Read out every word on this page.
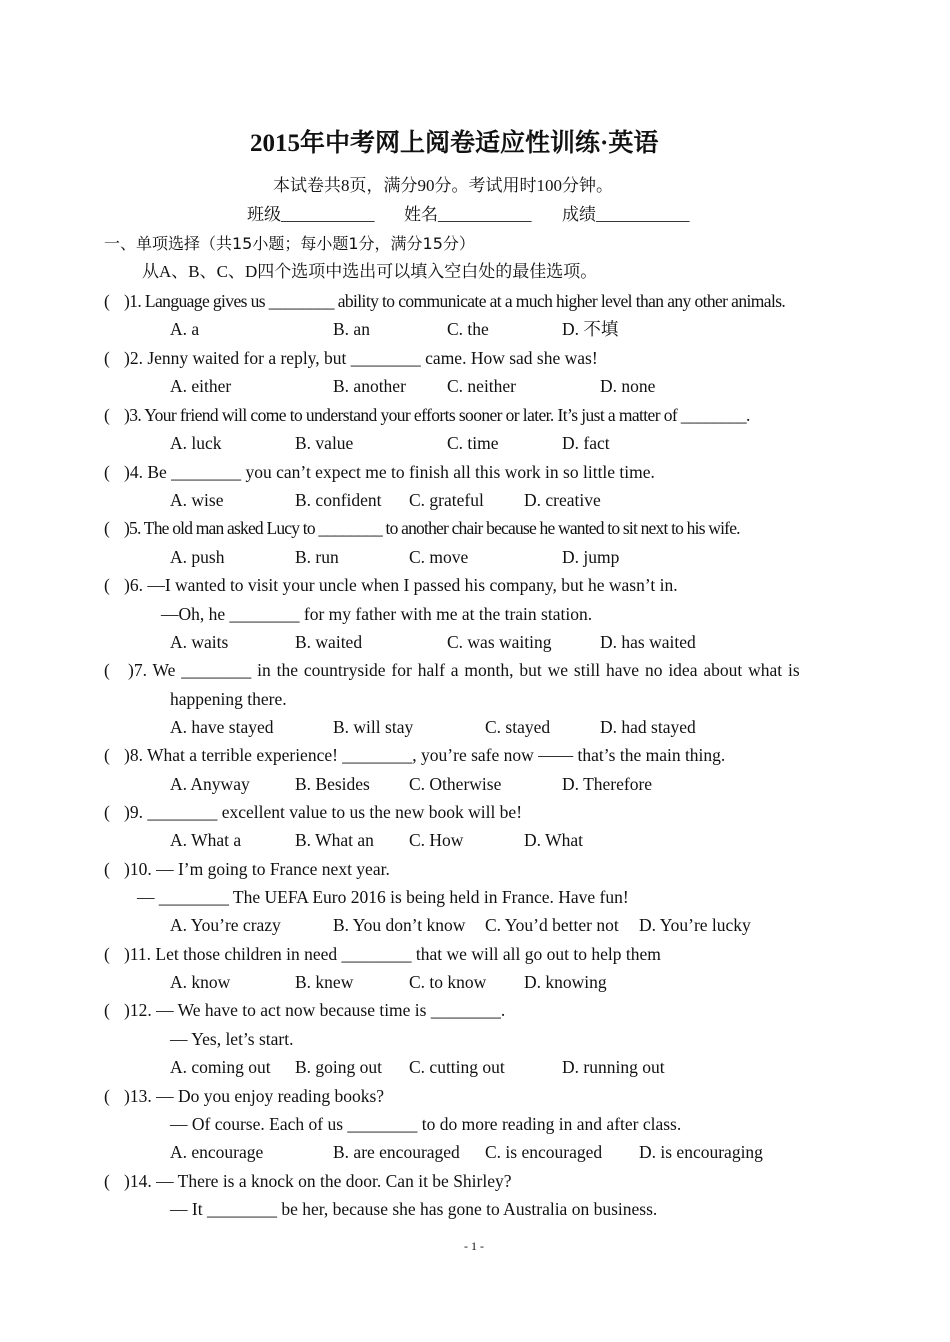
2015年中考网上阅卷适应性训练·英语
本试卷共8页，满分90分。考试用时100分钟。
班级___________ 姓名___________ 成绩___________
一、单项选择（共15小题；每小题1分，满分15分）
从A、B、C、D四个选项中选出可以填入空白处的最佳选项。
( )1. Language gives us ________ ability to communicate at a much higher level than any other animals.
A. a	B. an	C. the	D. 不填
( )2. Jenny waited for a reply, but ________ came. How sad she was!
A. either	B. another C. neither	D. none
( )3. Your friend will come to understand your efforts sooner or later. It’s just a matter of ________.
A. luck	B. value	C. time	D. fact
( )4. Be ________ you can’t expect me to finish all this work in so little time.
A. wise	B. confident C. grateful D. creative
( )5. The old man asked Lucy to ________ to another chair because he wanted to sit next to his wife.
A. push	B. run	C. move	D. jump
( )6. —I wanted to visit your uncle when I passed his company, but he wasn’t in.
—Oh, he ________ for my father with me at the train station.
A. waits	B. waited	C. was waiting	D. has waited
( )7. We ________ in the countryside for half a month, but we still have no idea about what is
happening there.
A. have stayed	B. will stay	C. stayed	D. had stayed
( )8. What a terrible experience! ________, you’re safe now —— that’s the main thing.
A. Anyway	B. Besides C. Otherwise	D. Therefore
( )9. ________ excellent value to us the new book will be!
A. What a	B. What an C. How	D. What
( )10. — I’m going to France next year.
— ________ The UEFA Euro 2016 is being held in France. Have fun!
A. You’re crazy	B. You don’t know C. You’d better not D. You’re lucky
( )11. Let those children in need ________ that we will all go out to help them
A. know	B. knew	C. to know D. knowing
( )12. — We have to act now because time is ________.
— Yes, let’s start.
A. coming out B. going out C. cutting out	D. running out
( )13. — Do you enjoy reading books?
— Of course. Each of us ________ to do more reading in and after class.
A. encourage	B. are encouraged C. is encouraged D. is encouraging
( )14. — There is a knock on the door. Can it be Shirley?
— It ________ be her, because she has gone to Australia on business.
- 1 -
